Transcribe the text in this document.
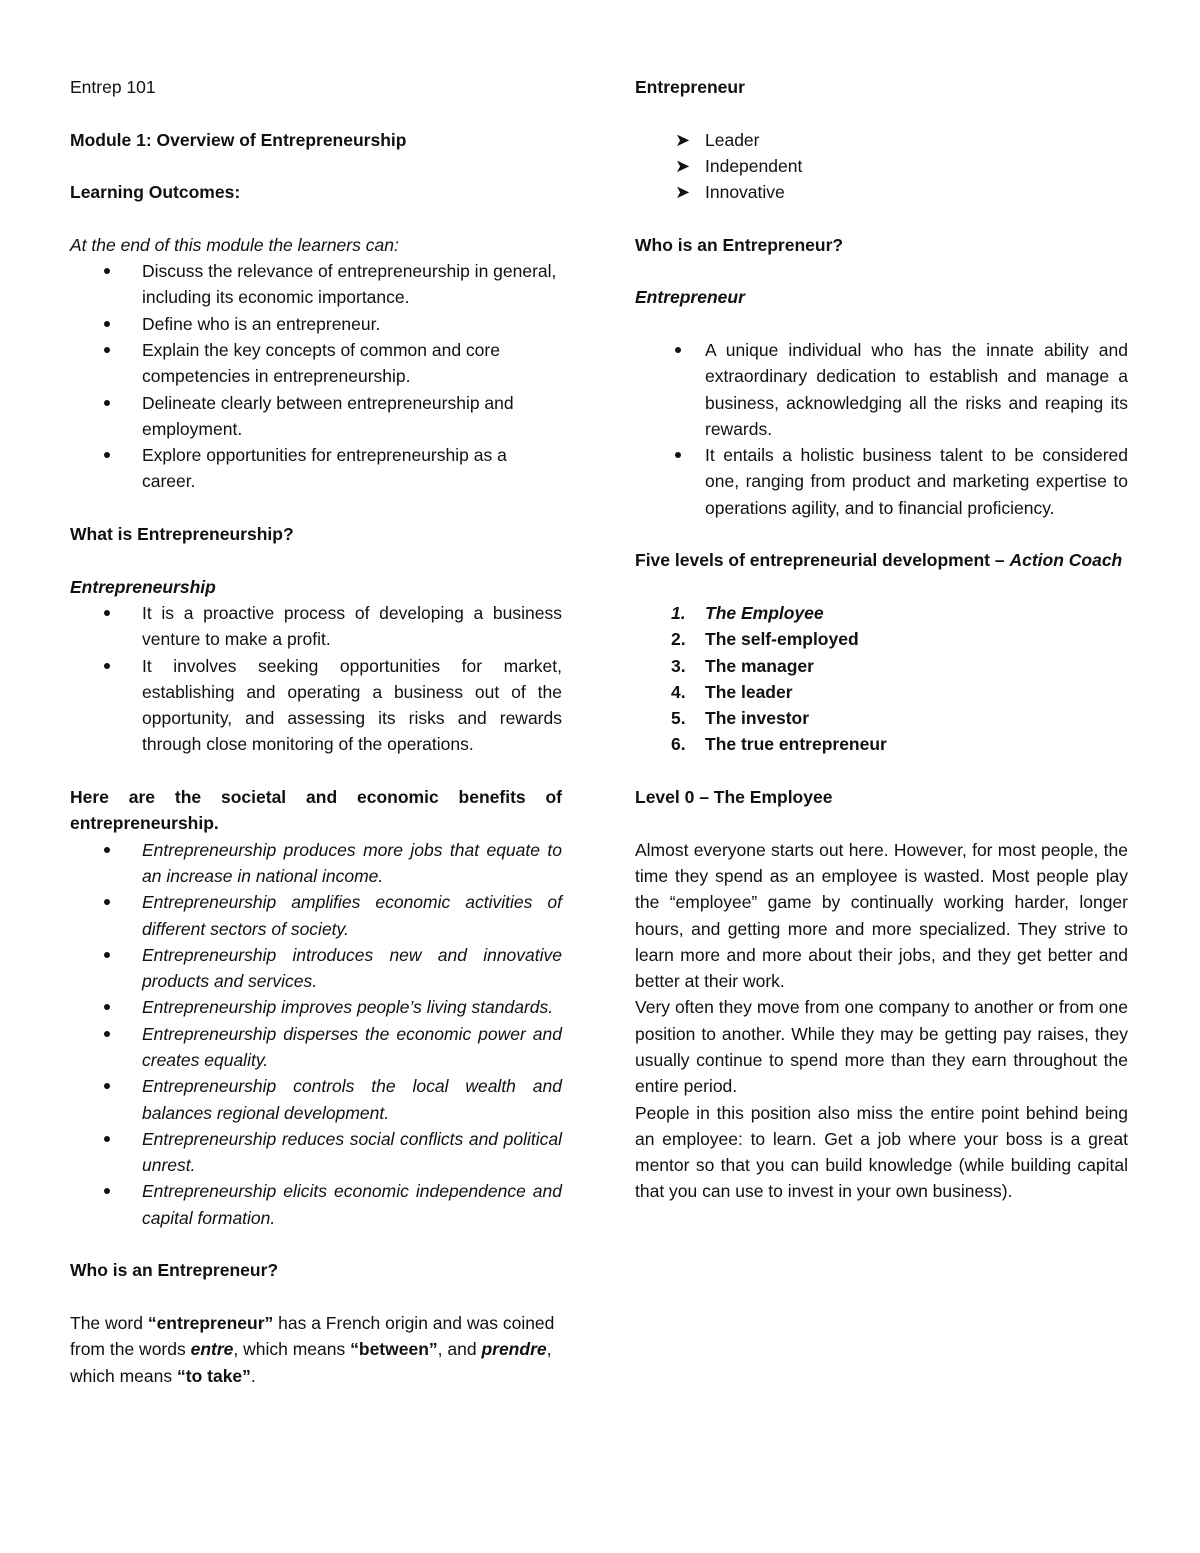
Entrep 101

Module 1: Overview of Entrepreneurship

Learning Outcomes:

At the end of this module the learners can:

Discuss the relevance of entrepreneurship in general, including its economic importance.
Define who is an entrepreneur.
Explain the key concepts of common and core competencies in entrepreneurship.
Delineate clearly between entrepreneurship and employment.
Explore opportunities for entrepreneurship as a career.

What is Entrepreneurship?

Entrepreneurship

It is a proactive process of developing a business venture to make a profit.
It involves seeking opportunities for market, establishing and operating a business out of the opportunity, and assessing its risks and rewards through close monitoring of the operations.

Here are the societal and economic benefits of entrepreneurship.

Entrepreneurship produces more jobs that equate to an increase in national income.
Entrepreneurship amplifies economic activities of different sectors of society.
Entrepreneurship introduces new and innovative products and services.
Entrepreneurship improves people’s living standards.
Entrepreneurship disperses the economic power and creates equality.
Entrepreneurship controls the local wealth and balances regional development.
Entrepreneurship reduces social conflicts and political unrest.
Entrepreneurship elicits economic independence and capital formation.

Who is an Entrepreneur?

The word “entrepreneur” has a French origin and was coined from the words entre, which means “between”, and prendre, which means “to take”.

Entrepreneur

➤ Leader
➤ Independent
➤ Innovative

Who is an Entrepreneur?

Entrepreneur

A unique individual who has the innate ability and extraordinary dedication to establish and manage a business, acknowledging all the risks and reaping its rewards.
It entails a holistic business talent to be considered one, ranging from product and marketing expertise to operations agility, and to financial proficiency.

Five levels of entrepreneurial development – Action Coach

1. The Employee
2. The self-employed
3. The manager
4. The leader
5. The investor
6. The true entrepreneur

Level 0 – The Employee

Almost everyone starts out here. However, for most people, the time they spend as an employee is wasted. Most people play the “employee” game by continually working harder, longer hours, and getting more and more specialized. They strive to learn more and more about their jobs, and they get better and better at their work.

Very often they move from one company to another or from one position to another. While they may be getting pay raises, they usually continue to spend more than they earn throughout the entire period.

People in this position also miss the entire point behind being an employee: to learn. Get a job where your boss is a great mentor so that you can build knowledge (while building capital that you can use to invest in your own business).
